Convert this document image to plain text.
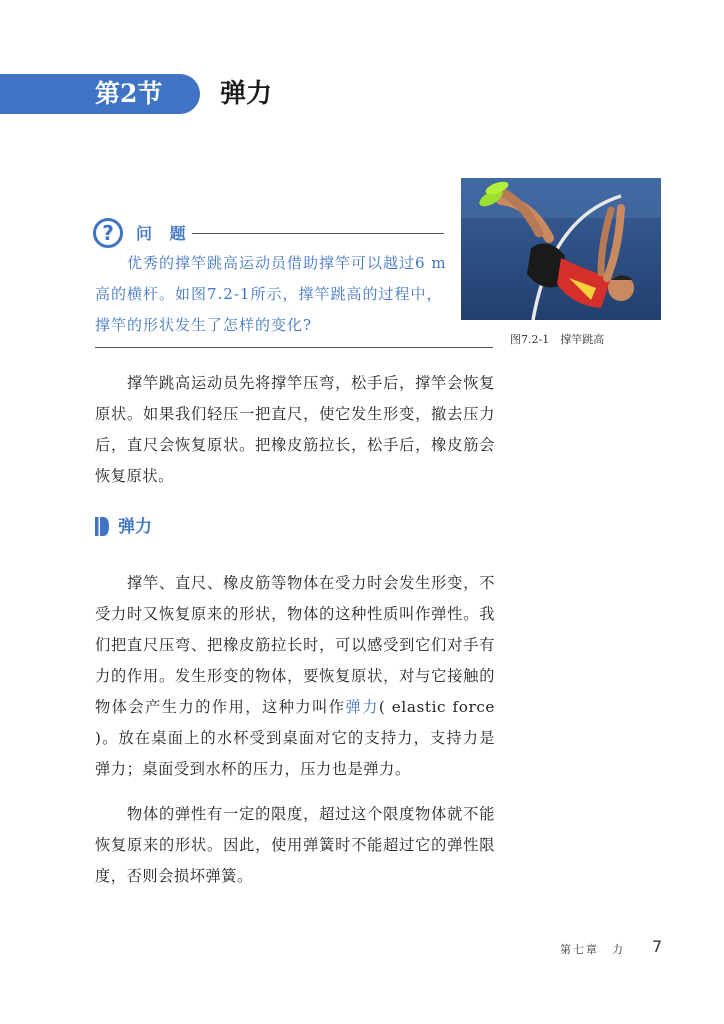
第2节 弹力
? 问 题

优秀的撑竿跳高运动员借助撑竿可以越过6 m高的横杆。如图7.2-1所示，撑竿跳高的过程中，撑竿的形状发生了怎样的变化?

图7.2-1　撑竿跳高

撑竿跳高运动员先将撑竿压弯，松手后，撑竿会恢复原状。如果我们轻压一把直尺，使它发生形变，撤去压力后，直尺会恢复原状。把橡皮筋拉长，松手后，橡皮筋会恢复原状。

弹力

撑竿、直尺、橡皮筋等物体在受力时会发生形变，不受力时又恢复原来的形状，物体的这种性质叫作弹性。我们把直尺压弯、把橡皮筋拉长时，可以感受到它们对手有力的作用。发生形变的物体，要恢复原状，对与它接触的物体会产生力的作用，这种力叫作弹力( elastic force )。放在桌面上的水杯受到桌面对它的支持力，支持力是弹力；桌面受到水杯的压力，压力也是弹力。

物体的弹性有一定的限度，超过这个限度物体就不能恢复原来的形状。因此，使用弹簧时不能超过它的弹性限度，否则会损坏弹簧。

第七章　力 7
